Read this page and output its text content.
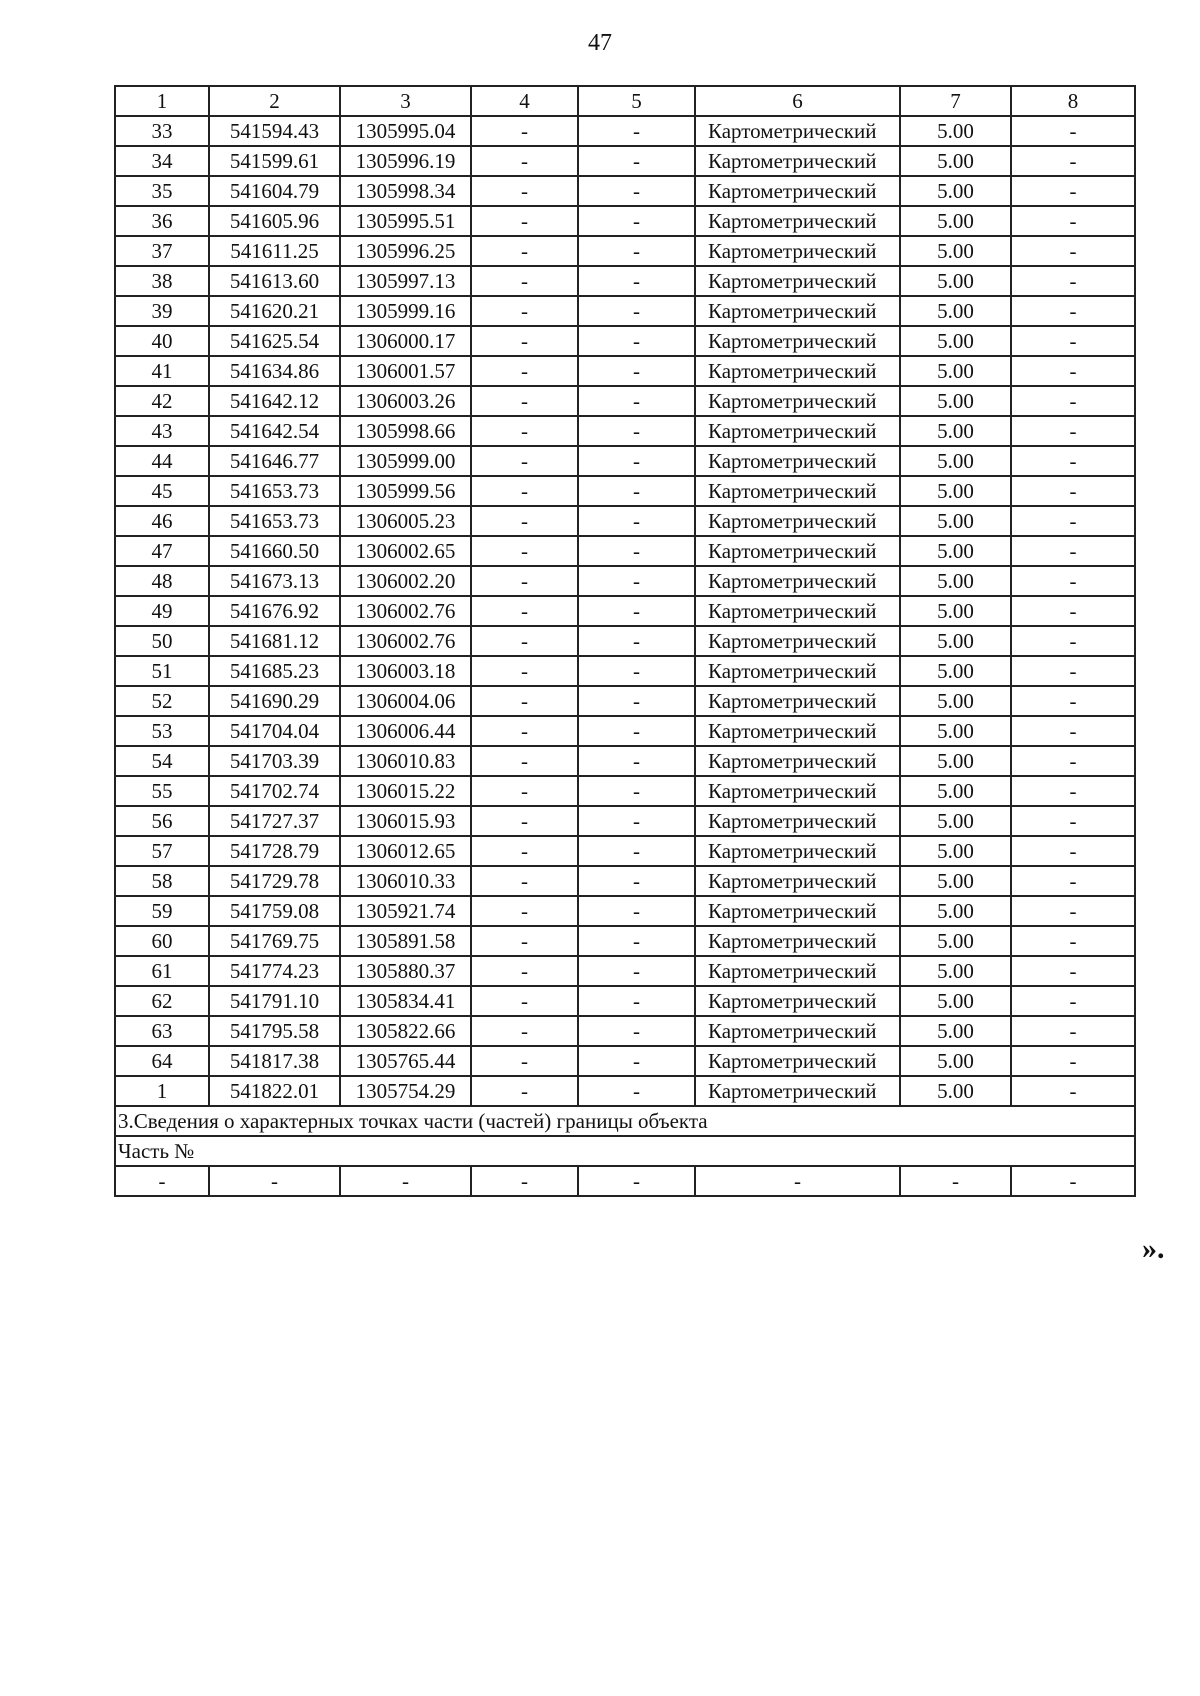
47
1	2	3	4	5	6	7	8
33	541594.43	1305995.04	-	-	Картометрический	5.00	-
34	541599.61	1305996.19	-	-	Картометрический	5.00	-
35	541604.79	1305998.34	-	-	Картометрический	5.00	-
36	541605.96	1305995.51	-	-	Картометрический	5.00	-
37	541611.25	1305996.25	-	-	Картометрический	5.00	-
38	541613.60	1305997.13	-	-	Картометрический	5.00	-
39	541620.21	1305999.16	-	-	Картометрический	5.00	-
40	541625.54	1306000.17	-	-	Картометрический	5.00	-
41	541634.86	1306001.57	-	-	Картометрический	5.00	-
42	541642.12	1306003.26	-	-	Картометрический	5.00	-
43	541642.54	1305998.66	-	-	Картометрический	5.00	-
44	541646.77	1305999.00	-	-	Картометрический	5.00	-
45	541653.73	1305999.56	-	-	Картометрический	5.00	-
46	541653.73	1306005.23	-	-	Картометрический	5.00	-
47	541660.50	1306002.65	-	-	Картометрический	5.00	-
48	541673.13	1306002.20	-	-	Картометрический	5.00	-
49	541676.92	1306002.76	-	-	Картометрический	5.00	-
50	541681.12	1306002.76	-	-	Картометрический	5.00	-
51	541685.23	1306003.18	-	-	Картометрический	5.00	-
52	541690.29	1306004.06	-	-	Картометрический	5.00	-
53	541704.04	1306006.44	-	-	Картометрический	5.00	-
54	541703.39	1306010.83	-	-	Картометрический	5.00	-
55	541702.74	1306015.22	-	-	Картометрический	5.00	-
56	541727.37	1306015.93	-	-	Картометрический	5.00	-
57	541728.79	1306012.65	-	-	Картометрический	5.00	-
58	541729.78	1306010.33	-	-	Картометрический	5.00	-
59	541759.08	1305921.74	-	-	Картометрический	5.00	-
60	541769.75	1305891.58	-	-	Картометрический	5.00	-
61	541774.23	1305880.37	-	-	Картометрический	5.00	-
62	541791.10	1305834.41	-	-	Картометрический	5.00	-
63	541795.58	1305822.66	-	-	Картометрический	5.00	-
64	541817.38	1305765.44	-	-	Картометрический	5.00	-
1	541822.01	1305754.29	-	-	Картометрический	5.00	-
3.Сведения о характерных точках части (частей) границы объекта							
Часть №							
-	-	-	-	-	-	-	-
».
